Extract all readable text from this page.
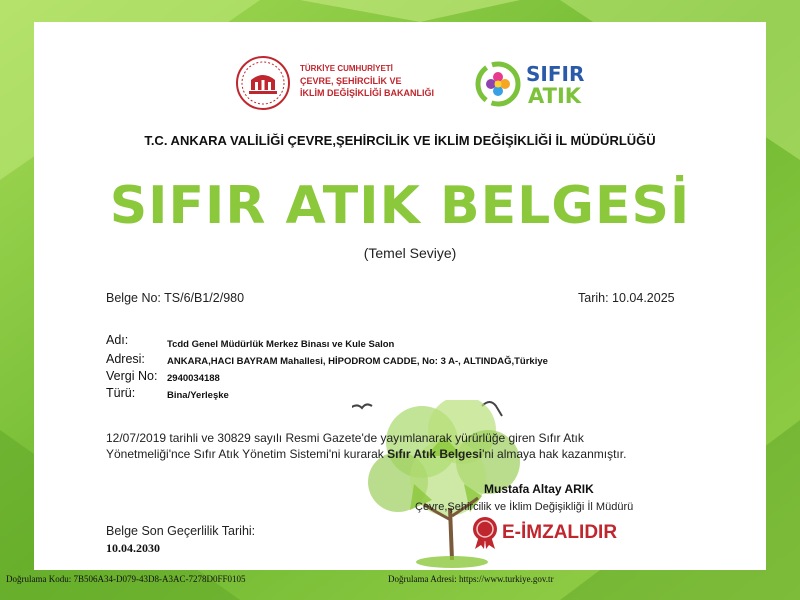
TÜRKİYE CUMHURİYETİ
ÇEVRE, ŞEHİRCİLİK VE
İKLİM DEĞİŞİKLİĞİ BAKANLIĞI
SIFIR
ATIK
T.C. ANKARA VALİLİĞİ ÇEVRE,ŞEHİRCİLİK VE İKLİM DEĞİŞİKLİĞİ İL MÜDÜRLÜĞÜ
SIFIR ATIK BELGESİ
(Temel Seviye)
Belge No: TS/6/B1/2/980	Tarih: 10.04.2025
Adı:	Tcdd Genel Müdürlük Merkez Binası ve Kule Salon
Adresi: ANKARA,HACI BAYRAM Mahallesi, HİPODROM CADDE, No: 3 A-, ALTINDAĞ,Türkiye
Vergi No: 2940034188
Türü:	Bina/Yerleşke
12/07/2019 tarihli ve 30829 sayılı Resmi Gazete'de yayımlanarak yürürlüğe giren Sıfır Atık
Yönetmeliği'nce Sıfır Atık Yönetim Sistemi'ni kurarak Sıfır Atık Belgesi'ni almaya hak kazanmıştır.
Mustafa Altay ARIK
Çevre,Şehircilik ve İklim Değişikliği İl Müdürü
Belge Son Geçerlilik Tarihi:
10.04.2030
E-İMZALIDIR
Doğrulama Kodu: 7B506A34-D079-43D8-A3AC-7278D0FF0105	Doğrulama Adresi: https://www.turkiye.gov.tr
